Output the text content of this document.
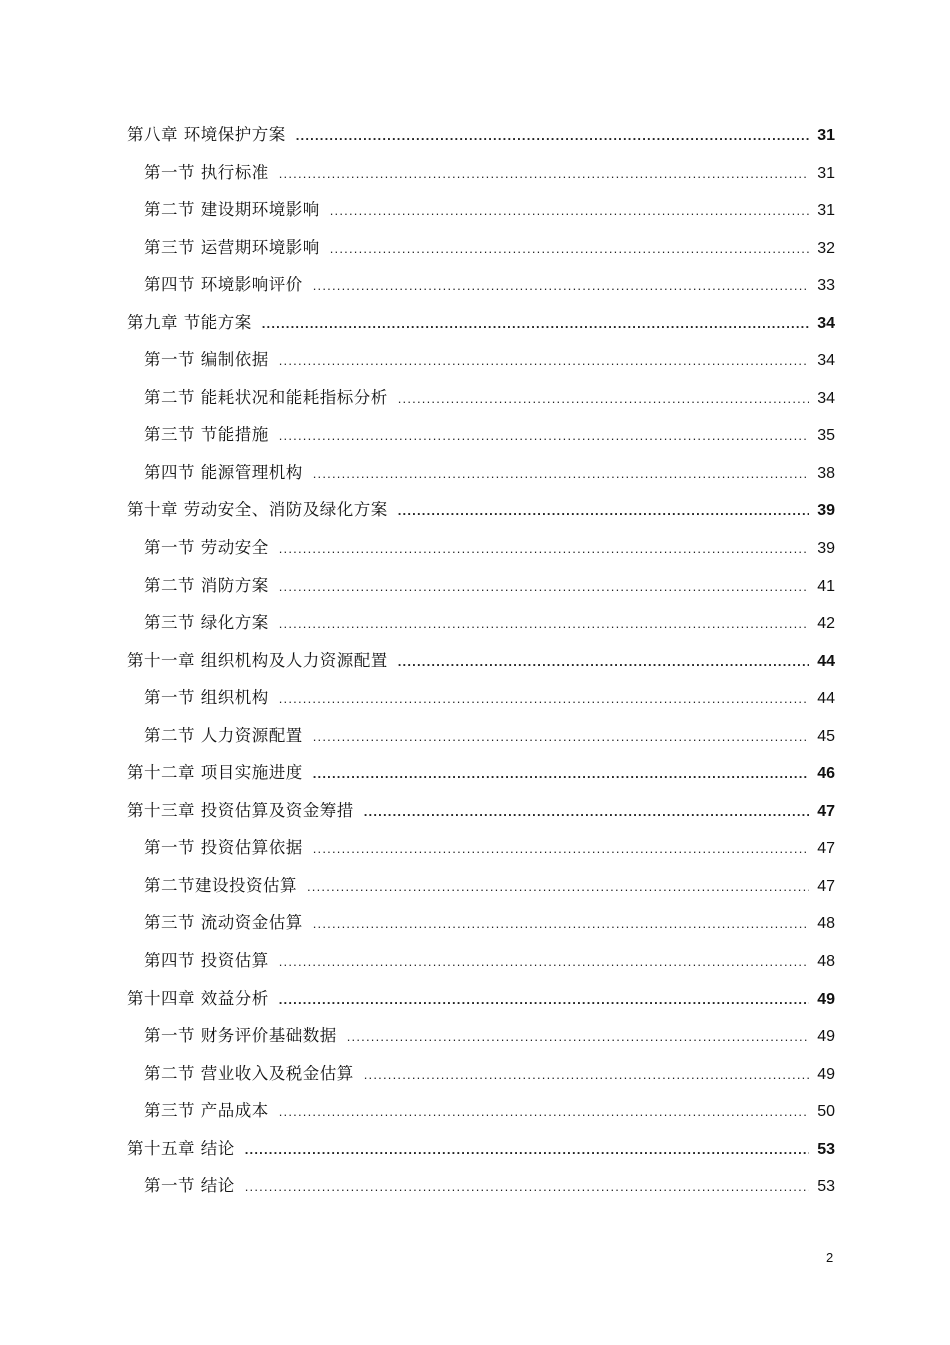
第八章 环境保护方案 .....	31
第一节 执行标准 .....	31
第二节 建设期环境影响 .....	31
第三节 运营期环境影响 .....	32
第四节 环境影响评价 .....	33
第九章 节能方案 .....	34
第一节 编制依据 .....	34
第二节 能耗状况和能耗指标分析 .....	34
第三节 节能措施 .....	35
第四节 能源管理机构 .....	38
第十章 劳动安全、消防及绿化方案 .....	39
第一节 劳动安全 .....	39
第二节 消防方案 .....	41
第三节 绿化方案 .....	42
第十一章 组织机构及人力资源配置 .....	44
第一节 组织机构 .....	44
第二节 人力资源配置 .....	45
第十二章 项目实施进度 .....	46
第十三章 投资估算及资金筹措 .....	47
第一节 投资估算依据 .....	47
第二节建设投资估算 .....	47
第三节 流动资金估算 .....	48
第四节 投资估算 .....	48
第十四章 效益分析 .....	49
第一节 财务评价基础数据 .....	49
第二节 营业收入及税金估算 .....	49
第三节 产品成本 .....	50
第十五章 结论 .....	53
第一节 结论 .....	53
2
